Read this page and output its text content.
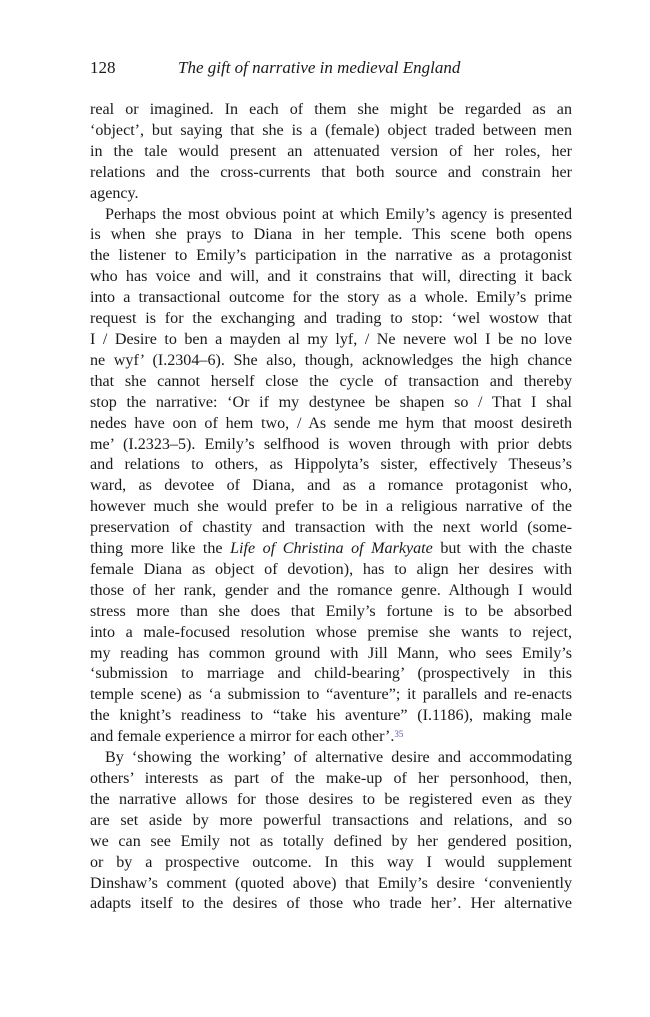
128	The gift of narrative in medieval England

real or imagined. In each of them she might be regarded as an
‘object’, but saying that she is a (female) object traded between men
in the tale would present an attenuated version of her roles, her
relations and the cross-currents that both source and constrain her
agency.

Perhaps the most obvious point at which Emily’s agency is presented
is when she prays to Diana in her temple. This scene both opens
the listener to Emily’s participation in the narrative as a protagonist
who has voice and will, and it constrains that will, directing it back
into a transactional outcome for the story as a whole. Emily’s prime
request is for the exchanging and trading to stop: ‘wel wostow that
I / Desire to ben a mayden al my lyf, / Ne nevere wol I be no love
ne wyf’ (I.2304–6). She also, though, acknowledges the high chance
that she cannot herself close the cycle of transaction and thereby
stop the narrative: ‘Or if my destynee be shapen so / That I shal
nedes have oon of hem two, / As sende me hym that moost desireth
me’ (I.2323–5). Emily’s selfhood is woven through with prior debts
and relations to others, as Hippolyta’s sister, effectively Theseus’s
ward, as devotee of Diana, and as a romance protagonist who,
however much she would prefer to be in a religious narrative of the
preservation of chastity and transaction with the next world (some-
thing more like the Life of Christina of Markyate but with the chaste
female Diana as object of devotion), has to align her desires with
those of her rank, gender and the romance genre. Although I would
stress more than she does that Emily’s fortune is to be absorbed
into a male-focused resolution whose premise she wants to reject,
my reading has common ground with Jill Mann, who sees Emily’s
‘submission to marriage and child-bearing’ (prospectively in this
temple scene) as ‘a submission to “aventure”; it parallels and re-enacts
the knight’s readiness to “take his aventure” (I.1186), making male
and female experience a mirror for each other’.$^{35}$

By ‘showing the working’ of alternative desire and accommodating
others’ interests as part of the make-up of her personhood, then,
the narrative allows for those desires to be registered even as they
are set aside by more powerful transactions and relations, and so
we can see Emily not as totally defined by her gendered position,
or by a prospective outcome. In this way I would supplement
Dinshaw’s comment (quoted above) that Emily’s desire ‘conveniently
adapts itself to the desires of those who trade her’. Her alternative
